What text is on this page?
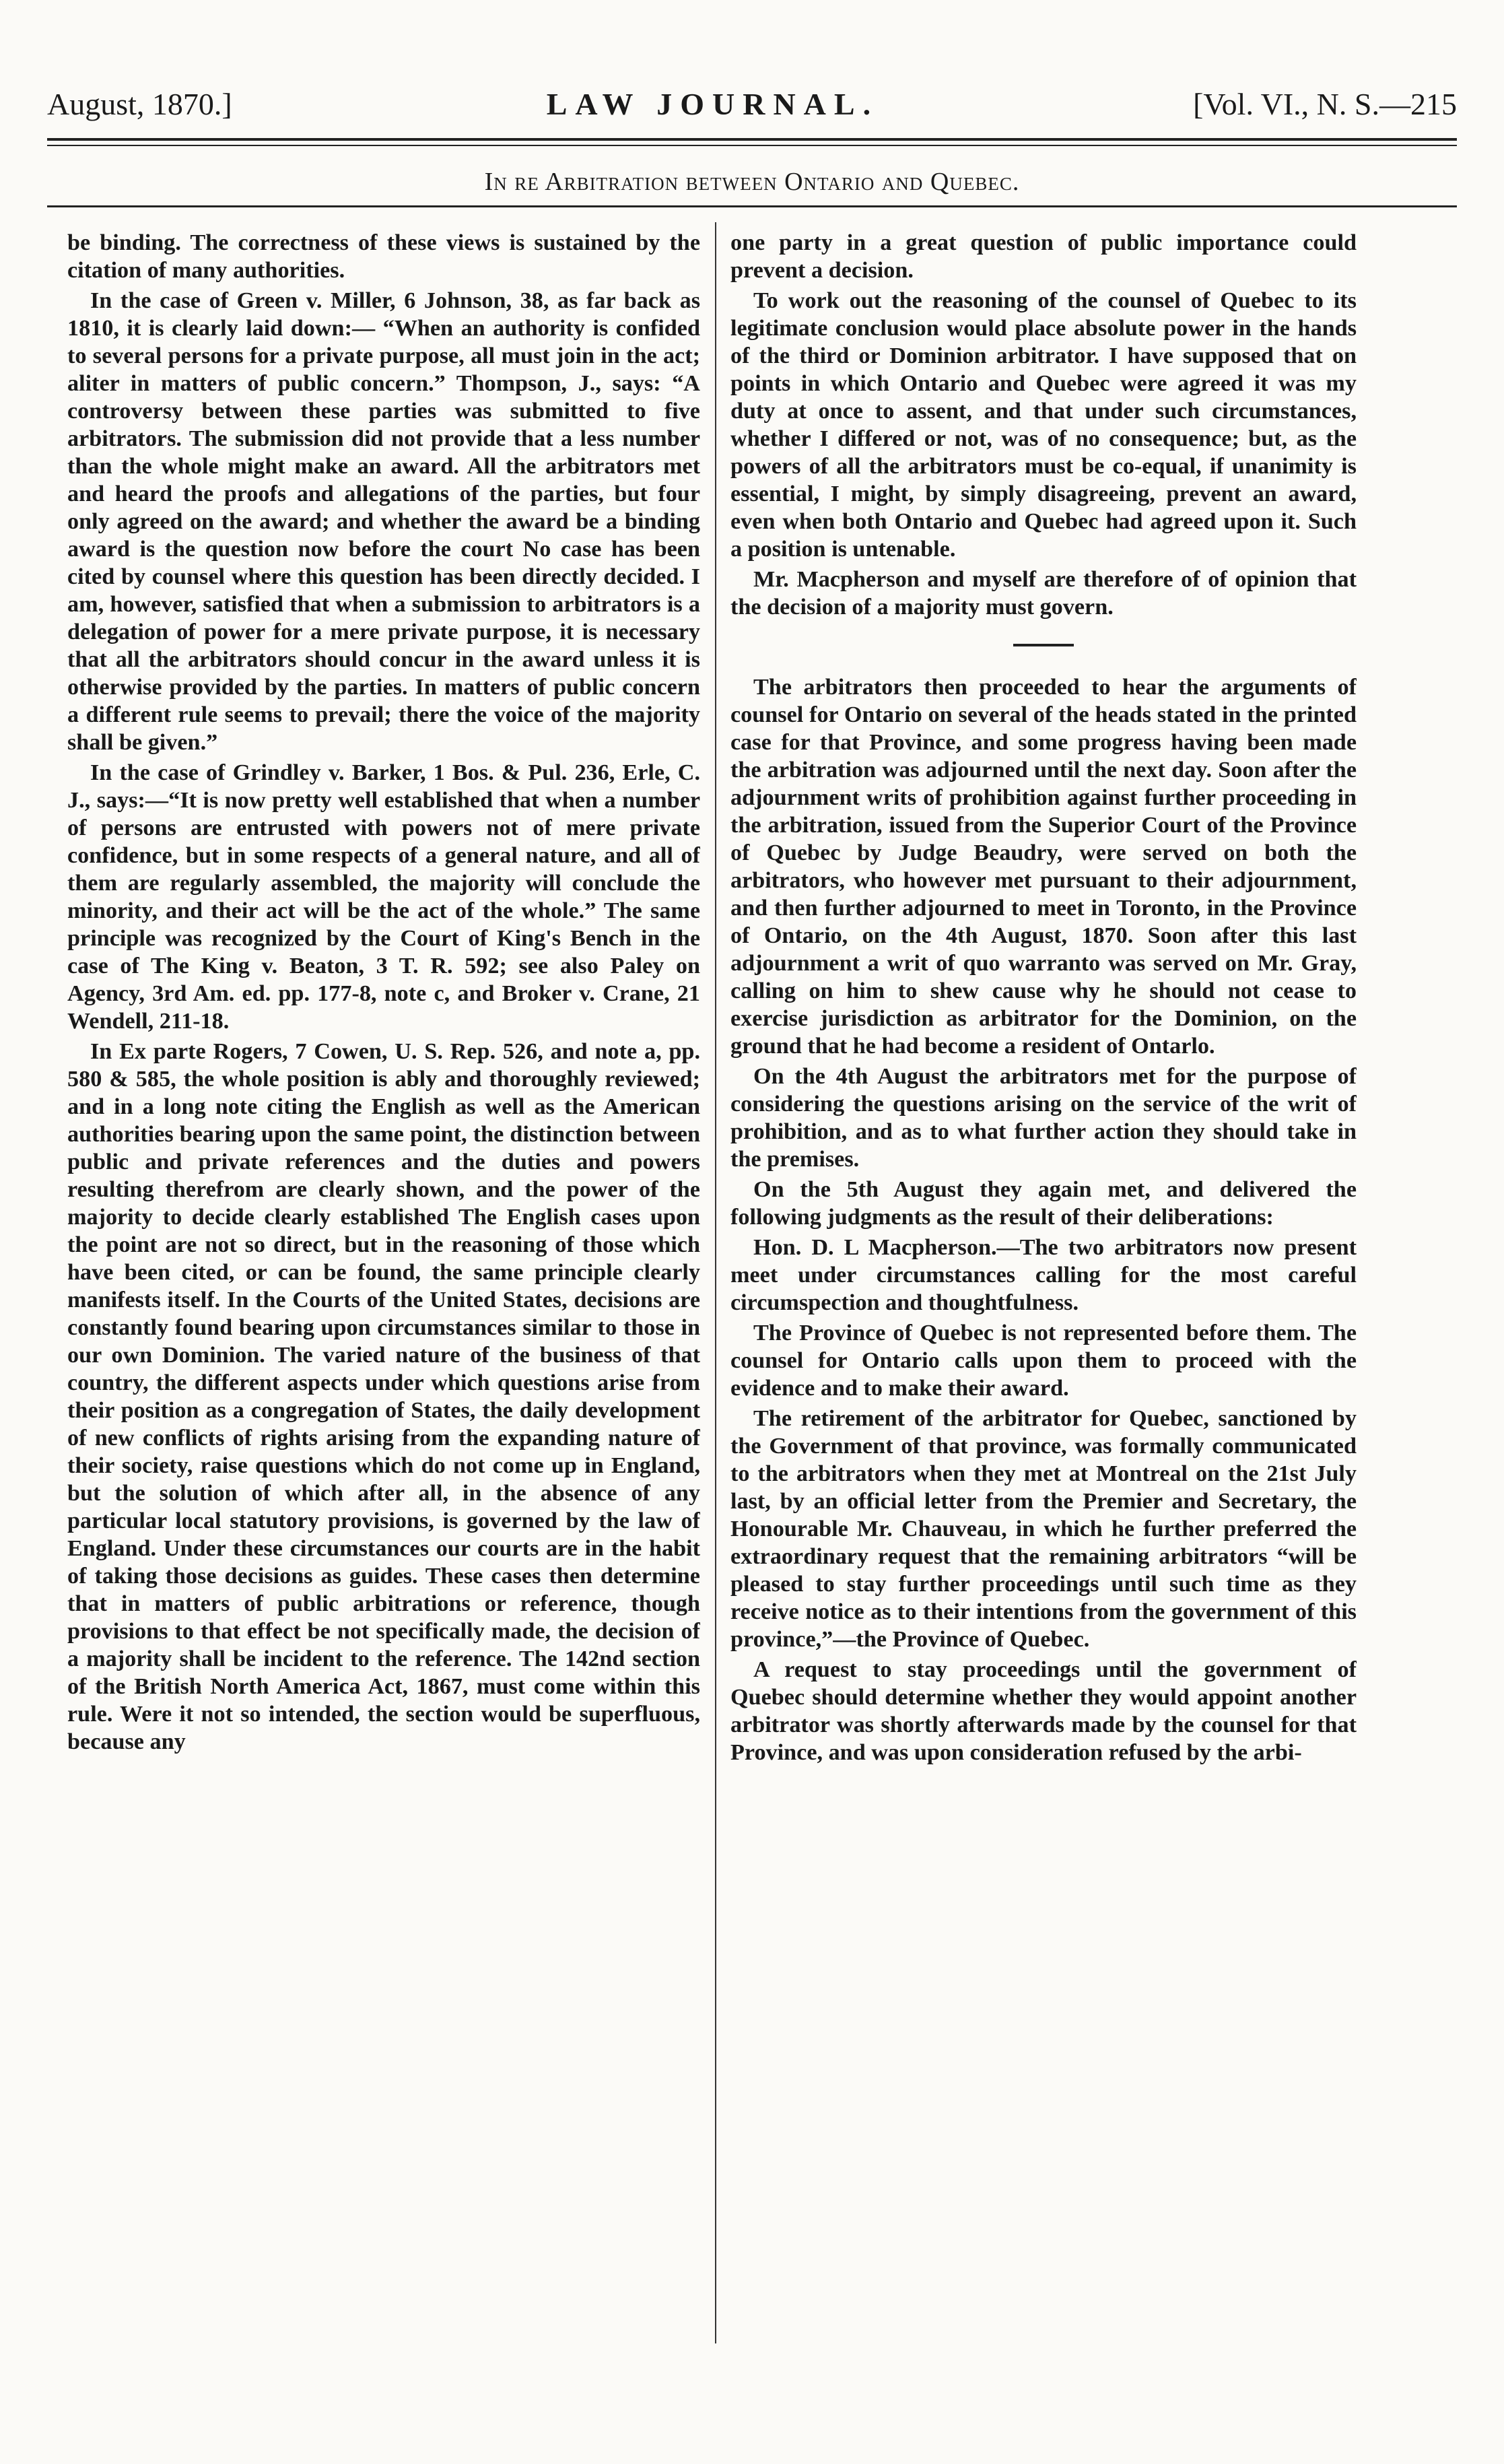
August, 1870.]	LAW JOURNAL.	[Vol. VI., N. S.—215
In re Arbitration between Ontario and Quebec.

be binding. The correctness of these views is sustained by the citation of many authorities.

In the case of Green v. Miller, 6 Johnson, 38, as far back as 1810, it is clearly laid down:— “When an authority is confided to several persons for a private purpose, all must join in the act; aliter in matters of public concern.” Thompson, J., says: “A controversy between these parties was submitted to five arbitrators. The submission did not provide that a less number than the whole might make an award. All the arbitrators met and heard the proofs and allegations of the parties, but four only agreed on the award; and whether the award be a binding award is the question now before the court No case has been cited by counsel where this question has been directly decided. I am, however, satisfied that when a submission to arbitrators is a delegation of power for a mere private purpose, it is necessary that all the arbitrators should concur in the award unless it is otherwise provided by the parties. In matters of public concern a different rule seems to prevail; there the voice of the majority shall be given.”

In the case of Grindley v. Barker, 1 Bos. & Pul. 236, Erle, C. J., says:—“It is now pretty well established that when a number of persons are entrusted with powers not of mere private confidence, but in some respects of a general nature, and all of them are regularly assembled, the majority will conclude the minority, and their act will be the act of the whole.” The same principle was recognized by the Court of King's Bench in the case of The King v. Beaton, 3 T. R. 592; see also Paley on Agency, 3rd Am. ed. pp. 177-8, note c, and Broker v. Crane, 21 Wendell, 211-18.

In Ex parte Rogers, 7 Cowen, U. S. Rep. 526, and note a, pp. 580 & 585, the whole position is ably and thoroughly reviewed; and in a long note citing the English as well as the American authorities bearing upon the same point, the distinction between public and private references and the duties and powers resulting therefrom are clearly shown, and the power of the majority to decide clearly established The English cases upon the point are not so direct, but in the reasoning of those which have been cited, or can be found, the same principle clearly manifests itself. In the Courts of the United States, decisions are constantly found bearing upon circumstances similar to those in our own Dominion. The varied nature of the business of that country, the different aspects under which questions arise from their position as a congregation of States, the daily development of new conflicts of rights arising from the expanding nature of their society, raise questions which do not come up in England, but the solution of which after all, in the absence of any particular local statutory provisions, is governed by the law of England. Under these circumstances our courts are in the habit of taking those decisions as guides. These cases then determine that in matters of public arbitrations or reference, though provisions to that effect be not specifically made, the decision of a majority shall be incident to the reference. The 142nd section of the British North America Act, 1867, must come within this rule. Were it not so intended, the section would be superfluous, because any

one party in a great question of public importance could prevent a decision.

To work out the reasoning of the counsel of Quebec to its legitimate conclusion would place absolute power in the hands of the third or Dominion arbitrator. I have supposed that on points in which Ontario and Quebec were agreed it was my duty at once to assent, and that under such circumstances, whether I differed or not, was of no consequence; but, as the powers of all the arbitrators must be co-equal, if unanimity is essential, I might, by simply disagreeing, prevent an award, even when both Ontario and Quebec had agreed upon it. Such a position is untenable.

Mr. Macpherson and myself are therefore of of opinion that the decision of a majority must govern.

The arbitrators then proceeded to hear the arguments of counsel for Ontario on several of the heads stated in the printed case for that Province, and some progress having been made the arbitration was adjourned until the next day. Soon after the adjournment writs of prohibition against further proceeding in the arbitration, issued from the Superior Court of the Province of Quebec by Judge Beaudry, were served on both the arbitrators, who however met pursuant to their adjournment, and then further adjourned to meet in Toronto, in the Province of Ontario, on the 4th August, 1870. Soon after this last adjournment a writ of quo warranto was served on Mr. Gray, calling on him to shew cause why he should not cease to exercise jurisdiction as arbitrator for the Dominion, on the ground that he had become a resident of Ontarlo.

On the 4th August the arbitrators met for the purpose of considering the questions arising on the service of the writ of prohibition, and as to what further action they should take in the premises.

On the 5th August they again met, and delivered the following judgments as the result of their deliberations:

Hon. D. L Macpherson.—The two arbitrators now present meet under circumstances calling for the most careful circumspection and thoughtfulness.

The Province of Quebec is not represented before them. The counsel for Ontario calls upon them to proceed with the evidence and to make their award.

The retirement of the arbitrator for Quebec, sanctioned by the Government of that province, was formally communicated to the arbitrators when they met at Montreal on the 21st July last, by an official letter from the Premier and Secretary, the Honourable Mr. Chauveau, in which he further preferred the extraordinary request that the remaining arbitrators “will be pleased to stay further proceedings until such time as they receive notice as to their intentions from the government of this province,”—the Province of Quebec.

A request to stay proceedings until the government of Quebec should determine whether they would appoint another arbitrator was shortly afterwards made by the counsel for that Province, and was upon consideration refused by the arbi-
